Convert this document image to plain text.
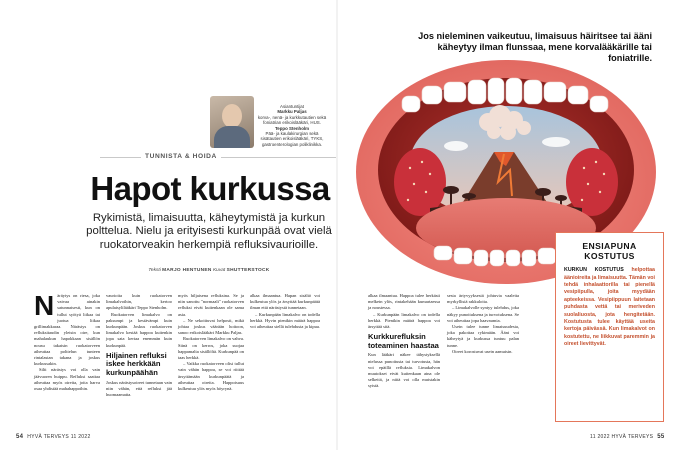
Asiantuntijat
Markku Paljas
korva-, nenä- ja kurkkutautien sekä foniatrian erikoislääkäri, HUS.
Teppo Stenholm
Pää- ja kaulakirurgian sekä sisätautien erikoislääkäri, TYKS, gastroenterologian poliklinikka.
TUNNISTA & HOIDA
Hapot kurkussa

Rykimistä, limaisuutta, käheytymistä ja kurkun polttelua. Nielu ja erityisesti kurkunpää ovat vielä ruokatorveakin herkempiä refluksivaurioille.

Teksti MARJO HENTUNEN Kuvat SHUTTERSTOCK

Näräytys on riesa, joka vaivaa ainakin satunnaisesti, kun on tullut syötyä liikaa tai juotua liikaa grillimakkaraa. Närästys on refluksitaudin yleisin oire, kun mahalaukun hapokkaan sisällön nousu takaisin ruokatorveen aiheuttaa polttelun tunteen rintalastan takana ja joskus kurkussakin.

Silti närästys voi olla vain jäävuoren huippu. Refluksi saattaa aiheuttaa myös oireita, joita harva osaa yhdistää mahahappoihin.

vaurioita kuin ruokatorven limakalvoihin, kertoo apulaisylilääkäri Teppo Stenholm.

Ruokatorven limakalvo on paksumpi ja kestävämpi kuin kurkunpään. Joskus ruokatorven limakalvo kestää happoa kuitenkin jopa sata kertaa enemmän kuin kurkunpää.

Hiljainen refluksi iskee herkkään kurkunpäähän

Joskus närästysoireet tunnetaan vain niin vähän, että refluksi jää huomaamatta.

myös hiljaisena refluksina. Se ja niin sanottu "normaali" ruokatorven refluksi eivät kuitenkaan ole sama asia.

– Ne sekoittuvat helposti, mikä johtaa joskus väärään hoitoon, sanoo erikoislääkäri Markku Paljas.

Ruokatorven limakalvo on vahva. Siinä on kerros, joka suojaa happamalta sisällöltä. Kurkunpää on taas herkkä.

– Vaikka ruokatorveen olisi tullut vain vähän happoa, se voi riittää ärsyttämään kurkunpäätä ja aiheuttaa oireita. Happoisuus kulkeutuu ylös myös höyrynä.

alkaa ilmaantua. Hapan sisältö voi kulkeutua ylös ja ärsyttää kurkunpäätä ilman että närästystä tunnetaan.

– Kurkunpään limakalvo on todella herkkä. Hyvin pienikin määrä happoa voi aiheuttaa siellä tulehdusta ja kipua.

54 HYVÄ TERVEYS 11 2022
Jos nieleminen vaikeutuu, limaisuus häiritsee tai ääni käheytyy ilman flunssaa, mene korvalääkärille tai foniatrille.

alkaa ilmaantua. Happoa tulee herkästi melkein ylös, rintakehään kumartaessa ja noustessa.

– Kurkunpään limakalvo on todella herkkä. Pienikin määrä happoa voi ärsyttää sitä.

Kurkkurefluksin toteaminen haastaa

Kun lääkäri näkee tähystyksellä nielussa punoitusta tai turvotusta, hän voi epäillä refluksia. Limakalvon muutokset eivät kuitenkaan aina ole selkeitä, ja niitä voi olla muistakin syistä.

sesta ärtyvyyksestä johtuvia vaaleita myrkyllisiä rakkuloita.

– Limakalvolle syntyy tulehdus, joka näkyy punoituksena ja turvotuksena. Se voi aiheuttaa jopa haavaumia.

Usein tulee tunne limaisuudesta, joka pakottaa rykimään. Ääni voi käheytyä ja kurkussa tuntuu palan tunne.

Oireet korostuvat usein aamuisin.

ENSIAPUNA KOSTUTUS
KURKUN KOSTUTUS helpottaa äänioireita ja limaisuutta. Tämän voi tehdä inhalaattorilla tai pienellä vesipiipulla, joita myydään apteekeissa. Vesipiippuun laitetaan puhdasta vettä tai meriveden suolaliuosta, jota hengitetään. Kostutusta tulee käyttää useita kertoja päivässä. Kun limakalvot on kostutettu, ne liikkuvat paremmin ja oireet lievittyvät.
11 2022 HYVÄ TERVEYS 55
